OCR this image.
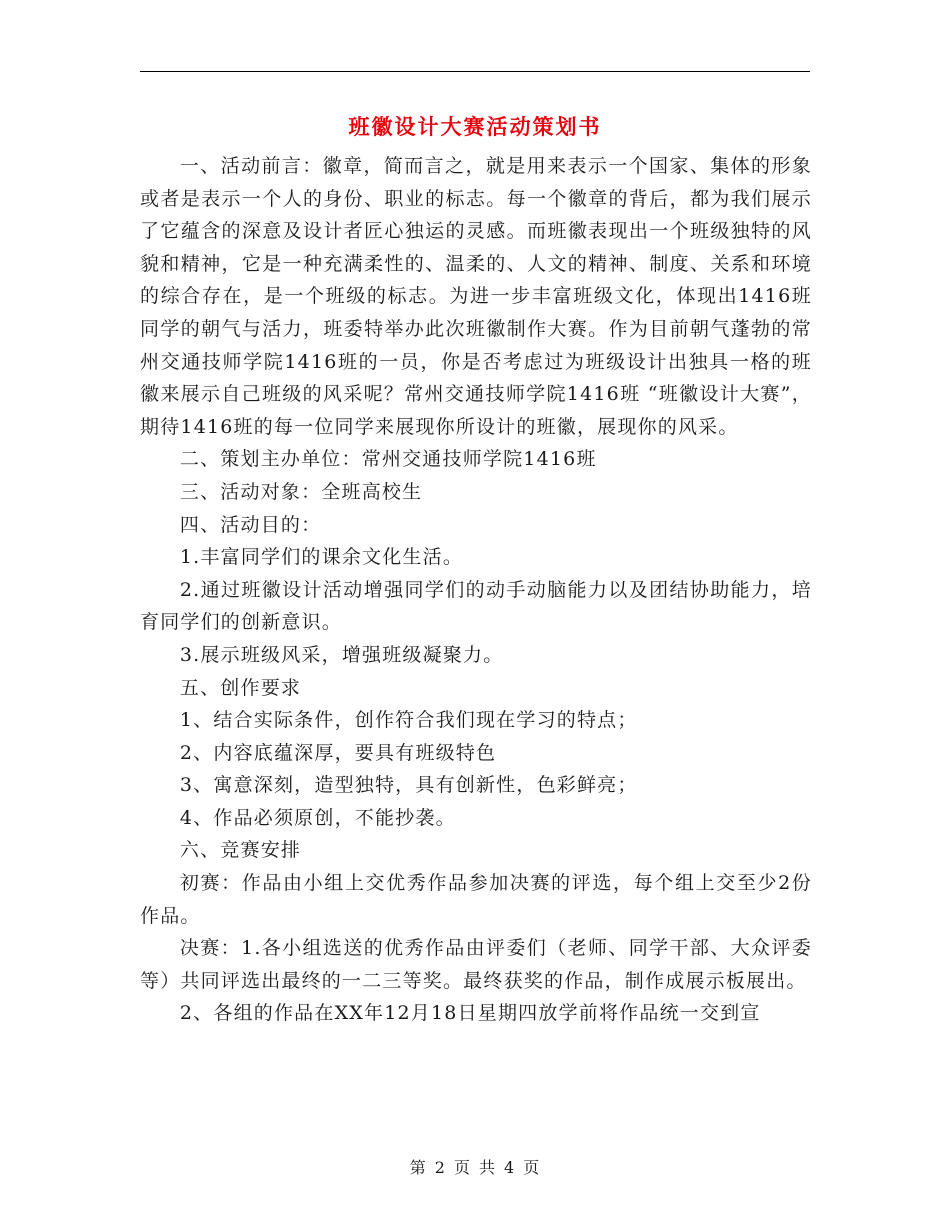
班徽设计大赛活动策划书

一、活动前言：徽章，简而言之，就是用来表示一个国家、集体的形象或者是表示一个人的身份、职业的标志。每一个徽章的背后，都为我们展示了它蕴含的深意及设计者匠心独运的灵感。而班徽表现出一个班级独特的风貌和精神，它是一种充满柔性的、温柔的、人文的精神、制度、关系和环境的综合存在，是一个班级的标志。为进一步丰富班级文化，体现出1416班同学的朝气与活力，班委特举办此次班徽制作大赛。作为目前朝气蓬勃的常州交通技师学院1416班的一员，你是否考虑过为班级设计出独具一格的班徽来展示自己班级的风采呢？常州交通技师学院1416班 “班徽设计大赛”，期待1416班的每一位同学来展现你所设计的班徽，展现你的风采。

二、策划主办单位：常州交通技师学院1416班

三、活动对象：全班高校生

四、活动目的：

1.丰富同学们的课余文化生活。

2.通过班徽设计活动增强同学们的动手动脑能力以及团结协助能力，培育同学们的创新意识。

3.展示班级风采，增强班级凝聚力。

五、创作要求

1、结合实际条件，创作符合我们现在学习的特点；

2、内容底蕴深厚，要具有班级特色

3、寓意深刻，造型独特，具有创新性，色彩鲜亮；

4、作品必须原创，不能抄袭。

六、竞赛安排

初赛：作品由小组上交优秀作品参加决赛的评选，每个组上交至少2份作品。

决赛：1.各小组选送的优秀作品由评委们（老师、同学干部、大众评委等）共同评选出最终的一二三等奖。最终获奖的作品，制作成展示板展出。

2、各组的作品在XX年12月18日星期四放学前将作品统一交到宣

第 2 页 共 4 页
